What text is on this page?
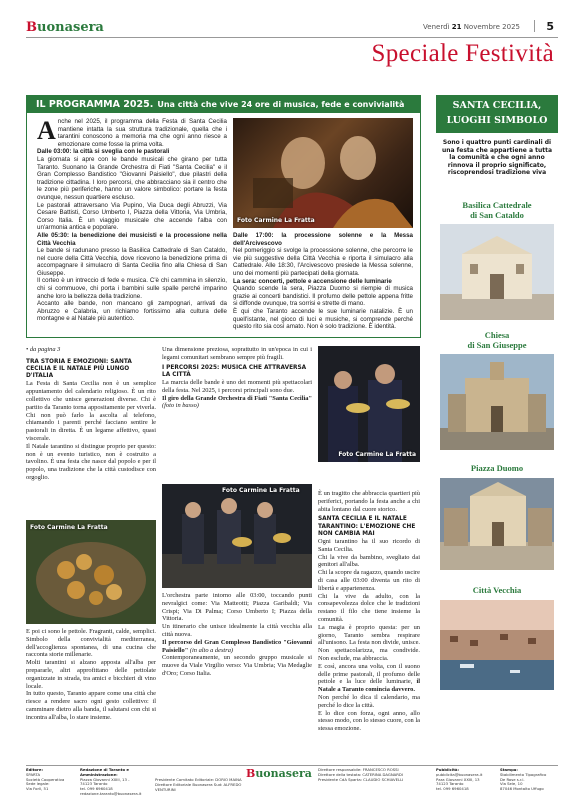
Buonasera	Venerdì 21 Novembre 2025 5
Speciale Festività
IL PROGRAMMA 2025. Una città che vive 24 ore di musica, fede e convivialità
A nche nel 2025, il programma della Festa di Santa Cecilia mantiene intatta la sua struttura tradizionale, quella che i tarantini conoscono a memoria ma che ogni anno riesce a emozionare come fosse la prima volta.

Dalle 03:00: la città si sveglia con le pastorali

La giornata si apre con le bande musicali che girano per tutta Taranto. Suonano la Grande Orchestra di Fiati "Santa Cecilia" e il Gran Complesso Bandistico "Giovanni Paisiello", due pilastri della tradizione cittadina. I loro percorsi, che abbracciano sia il centro che le zone più periferiche, hanno un valore simbolico: portare la festa ovunque, nessun quartiere escluso.

Le pastorali attraversano Via Pupino, Via Duca degli Abruzzi, Via Cesare Battisti, Corso Umberto I, Piazza della Vittoria, Via Umbria, Corso Italia. È un viaggio musicale che accende l'alba con un'armonia antica e popolare.

Alle 05:30: la benedizione dei musicisti e la processione nella Città Vecchia

Le bande si radunano presso la Basilica Cattedrale di San Cataldo, nel cuore della Città Vecchia, dove ricevono la benedizione prima di accompagnare il simulacro di Santa Cecilia fino alla Chiesa di San Giuseppe.

Il corteo è un intreccio di fede e musica. C'è chi cammina in silenzio, chi si commuove, chi porta i bambini sulle spalle perché imparino anche loro la bellezza della tradizione.

Accanto alle bande, non mancano gli zampognari, arrivati da Abruzzo e Calabria, un richiamo fortissimo alla cultura delle montagne e al Natale più autentico.

Foto Carmine La Fratta

Dalle 17:00: la processione solenne e la Messa dell'Arcivescovo

Nel pomeriggio si svolge la processione solenne, che percorre le vie più suggestive della Città Vecchia e riporta il simulacro alla Cattedrale. Alle 18:30, l'Arcivescovo presiede la Messa solenne, uno dei momenti più partecipati della giornata.

La sera: concerti, pettole e accensione delle luminarie

Quando scende la sera, Piazza Duomo si riempie di musica grazie ai concerti bandistici. Il profumo delle pettole appena fritte si diffonde ovunque, tra sorrisi e strette di mano.

È qui che Taranto accende le sue luminarie natalizie. È un quell'istante, nel gioco di luci e musiche, si comprende perché questo rito sia così amato. Non è solo tradizione. È identità.

SANTA CECILIA,
LUOGHI SIMBOLO
Sono i quattro punti cardinali di una festa che appartiene a tutta la comunità e che ogni anno rinnova il proprio significato, riscoprendosi tradizione viva
Basilica Cattedrale
di San Cataldo
Chiesa
di San Giuseppe
Piazza Duomo
Città Vecchia

• da pagina 3

TRA STORIA E EMOZIONI: SANTA CECILIA E IL NATALE PIÙ LUNGO D'ITALIA

La Festa di Santa Cecilia non è un semplice appuntamento del calendario religioso. È un rito collettivo che unisce generazioni diverse. Chi è partito da Taranto torna appositamente per viverla. Chi non può farlo la ascolta al telefono, chiamando i parenti perché facciano sentire le pastorali in diretta. È un legame affettivo, quasi viscerale.

Il Natale tarantino si distingue proprio per questo: non è un evento turistico, non è costruito a tavolino. È una festa che nasce dal popolo e per il popolo, una tradizione che la città custodisce con orgoglio.

Foto Carmine La Fratta

E poi ci sono le pettole. Fragranti, calde, semplici. Simbolo della convivialità mediterranea, dell'accoglienza spontanea, di una cucina che racconta storie millenarie.

Molti tarantini si alzano apposta all'alba per prepararle, altri approfittano delle pettolate organizzate in strada, tra amici e bicchieri di vino locale.

In tutto questo, Taranto appare come una città che riesce a rendere sacro ogni gesto collettivo: il camminare dietro alla banda, il salutarsi con chi si incontra all'alba, lo stare insieme.

Una dimensione preziosa, soprattutto in un'epoca in cui i legami comunitari sembrano sempre più fragili.

I PERCORSI 2025: MUSICA CHE ATTRAVERSA LA CITTÀ

La marcia delle bande è uno dei momenti più spettacolari della festa. Nel 2025, i percorsi principali sono due.

Il giro della Grande Orchestra di Fiati "Santa Cecilia" (foto in basso)

Foto Carmine La Fratta

L'orchestra parte intorno alle 03:00, toccando punti nevralgici come: Via Matteotti; Piazza Garibaldi; Via Crispi; Via Di Palma; Corso Umberto I; Piazza della Vittoria.

Un itinerario che unisce idealmente la città vecchia alla città nuova.

Il percorso del Gran Complesso Bandistico "Giovanni Paisiello" (in alto a destra)

Contemporaneamente, un secondo gruppo musicale si muove da Viale Virgilio verso: Via Umbria; Via Medaglie d'Oro; Corso Italia.

Foto Carmine La Fratta

È un tragitto che abbraccia quartieri più periferici, portando la festa anche a chi abita lontano dal cuore storico.

SANTA CECILIA E IL NATALE TARANTINO: L'EMOZIONE CHE NON CAMBIA MAI

Ogni tarantino ha il suo ricordo di Santa Cecilia.

Chi la vive da bambino, svegliato dai genitori all'alba.

Chi la scopre da ragazzo, quando uscire di casa alle 03:00 diventa un rito di libertà e appartenenza.

Chi la vive da adulto, con la consapevolezza dolce che le tradizioni restano il filo che tiene insieme la comunità.

La magia è proprio questa: per un giorno, Taranto sembra respirare all'unisono. La festa non divide, unisce. Non spettacolarizza, ma condivide. Non esclude, ma abbraccia.

E così, ancora una volta, con il suono delle prime pastorali, il profumo delle pettole e la luce delle luminarie, il Natale a Taranto comincia davvero.

Non perché lo dica il calendario, ma perché lo dice la città.

E lo dice con forza, ogni anno, allo stesso modo, con lo stesso cuore, con la stessa emozione.

Editore:
SPARTA
Società Cooperativa
Sede legale:
Via Forlì, 51
Redazione di Taranto e Amministrazione:
Piazza Giovanni XXIII, 13 -
74123 Taranto
tel. 099 6960418
redazione.taranto@buonasera.it
Presidente Comitato Editoriale: DORIO MAINA
Direttore Editoriale Buonasera Sud: ALFREDO VENTURINI
Buonasera Direttore responsabile: FRANCESCO ROSSI
Direttore della testata: CATERINA DAGNARDI
Presidente CdA Sparta: CLAUDIO SCHIAVELLI
Pubblicità:
pubblicita@buonasera.it
Pzza Giovanni XXIII, 13
74123 Taranto
tel. 099 6960418
Stampa:
Stabilimento Tipografico
De Rose s.r.l.
Via Sele, 10
87046 Montalto Uffugo
